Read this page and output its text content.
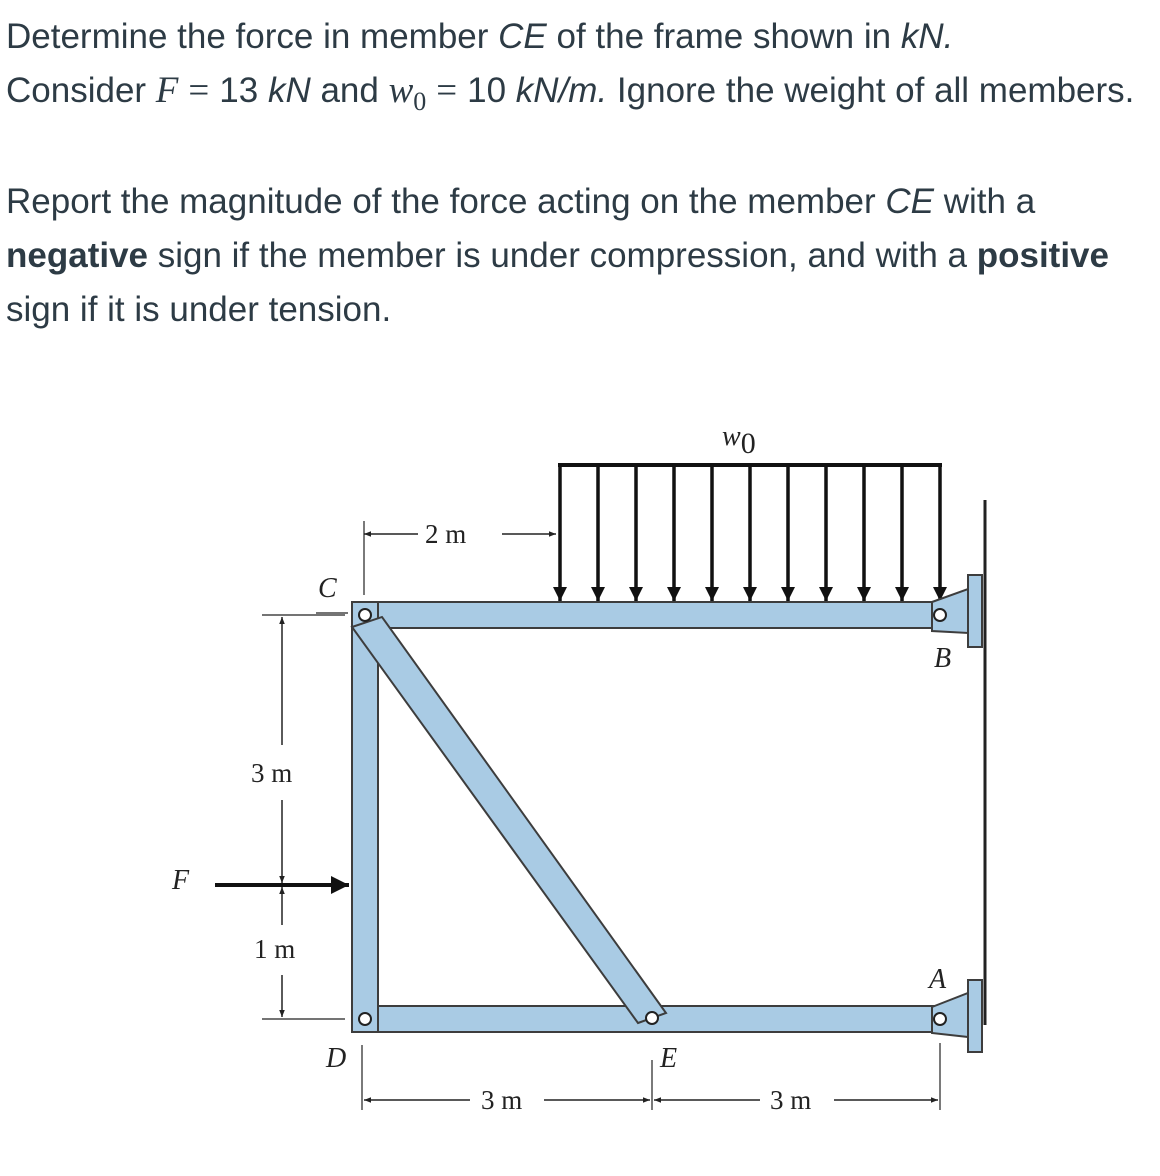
Determine the force in member CE of the frame shown in kN.
Consider F = 13 kN and $w_0 = 10$ kN/m. Ignore the weight of all members.

Report the magnitude of the force acting on the member CE with a negative sign if the member is under compression, and with a positive sign if it is under tension.

w0
2 m
C
B
A
D	E
3 m
1 m
F
3 m	3 m
